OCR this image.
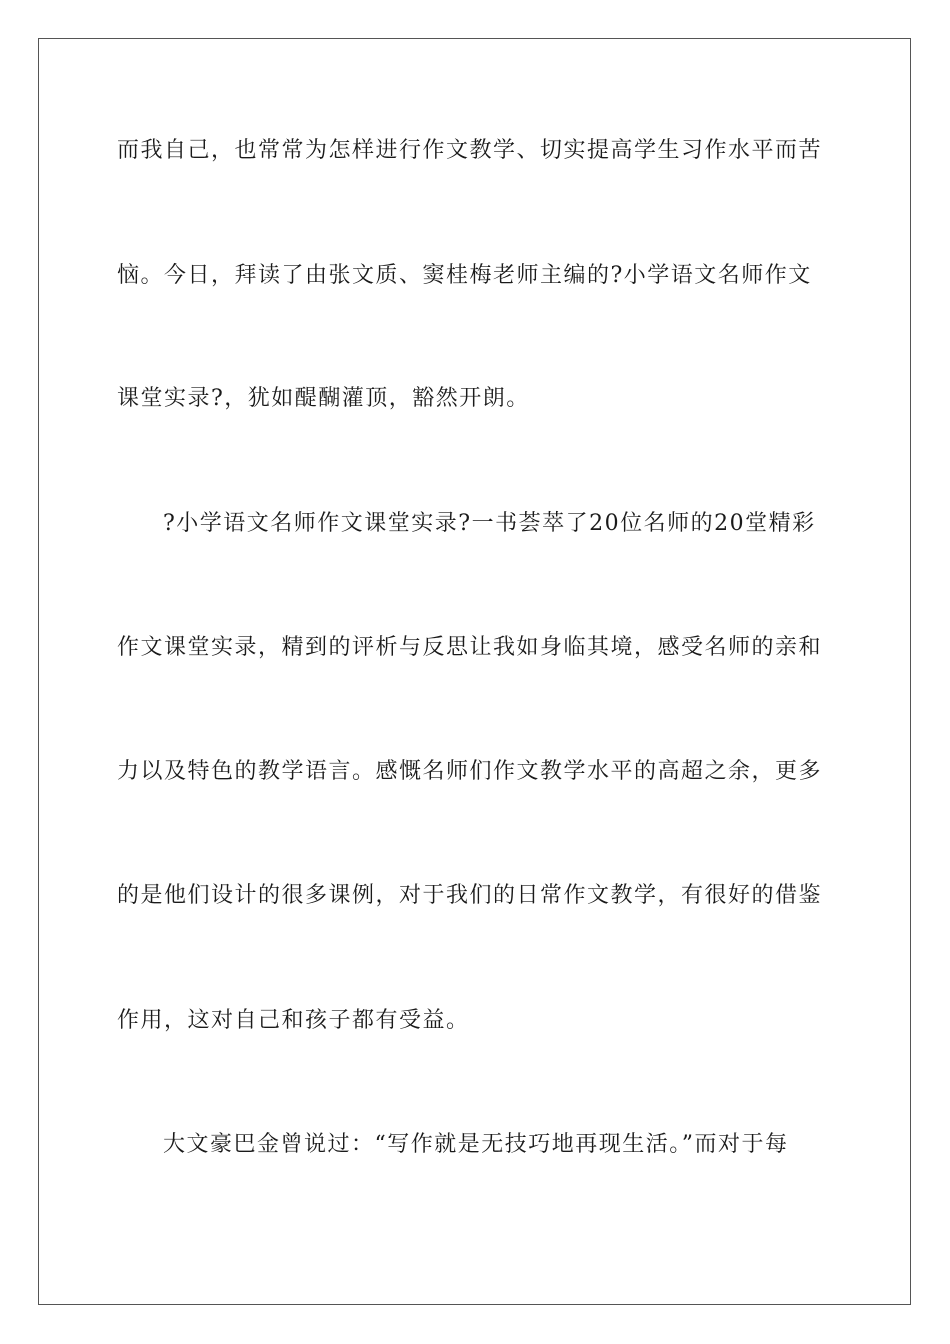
而我自己，也常常为怎样进行作文教学、切实提高学生习作水平而苦
恼。今日，拜读了由张文质、窦桂梅老师主编的?小学语文名师作文
课堂实录?，犹如醍醐灌顶，豁然开朗。
?小学语文名师作文课堂实录?一书荟萃了20位名师的20堂精彩
作文课堂实录，精到的评析与反思让我如身临其境，感受名师的亲和
力以及特色的教学语言。感慨名师们作文教学水平的高超之余，更多
的是他们设计的很多课例，对于我们的日常作文教学，有很好的借鉴
作用，这对自己和孩子都有受益。
大文豪巴金曾说过：“写作就是无技巧地再现生活。”而对于每
